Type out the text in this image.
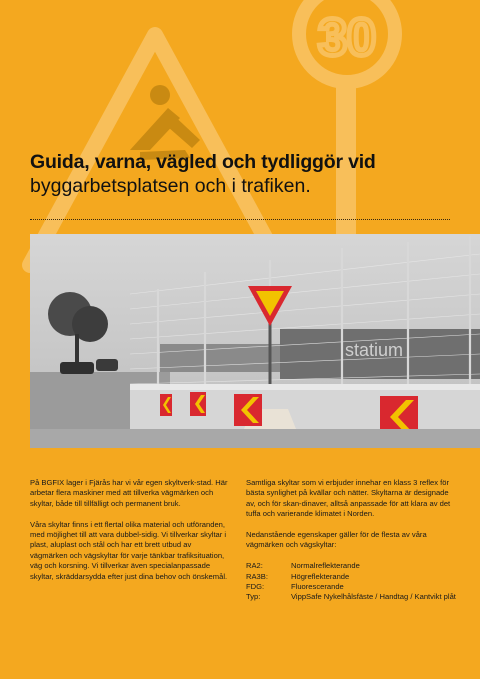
30
Guida, varna, vägled och tydliggör vid
byggarbetsplatsen och i trafiken.
statium

På BGFIX lager i Fjärås har vi vår egen skyltverk-stad. Här arbetar flera maskiner med att tillverka vägmärken och skyltar, både till tillfälligt och permanent bruk.

Våra skyltar finns i ett flertal olika material och utföranden, med möjlighet till att vara dubbel-sidig. Vi tillverkar skyltar i plast, aluplast och stål och har ett brett utbud av vägmärken och vägskyltar för varje tänkbar trafiksituation, väg och korsning. Vi tillverkar även specialanpassade skyltar, skräddarsydda efter just dina behov och önskemål.

Samtliga skyltar som vi erbjuder innehar en klass 3 reflex för bästa synlighet på kvällar och nätter. Skyltarna är designade av, och för skan-dinaver, alltså anpassade för att klara av det tuffa och varierande klimatet i Norden.

Nedanstående egenskaper gäller för de flesta av våra vägmärken och vägskyltar:

RA2:	Normalreflekterande
RA3B:	Högreflekterande
FDG:	Fluorescerande
Typ:	VippSafe Nykelhålsfäste / Handtag / Kantvikt plåt
